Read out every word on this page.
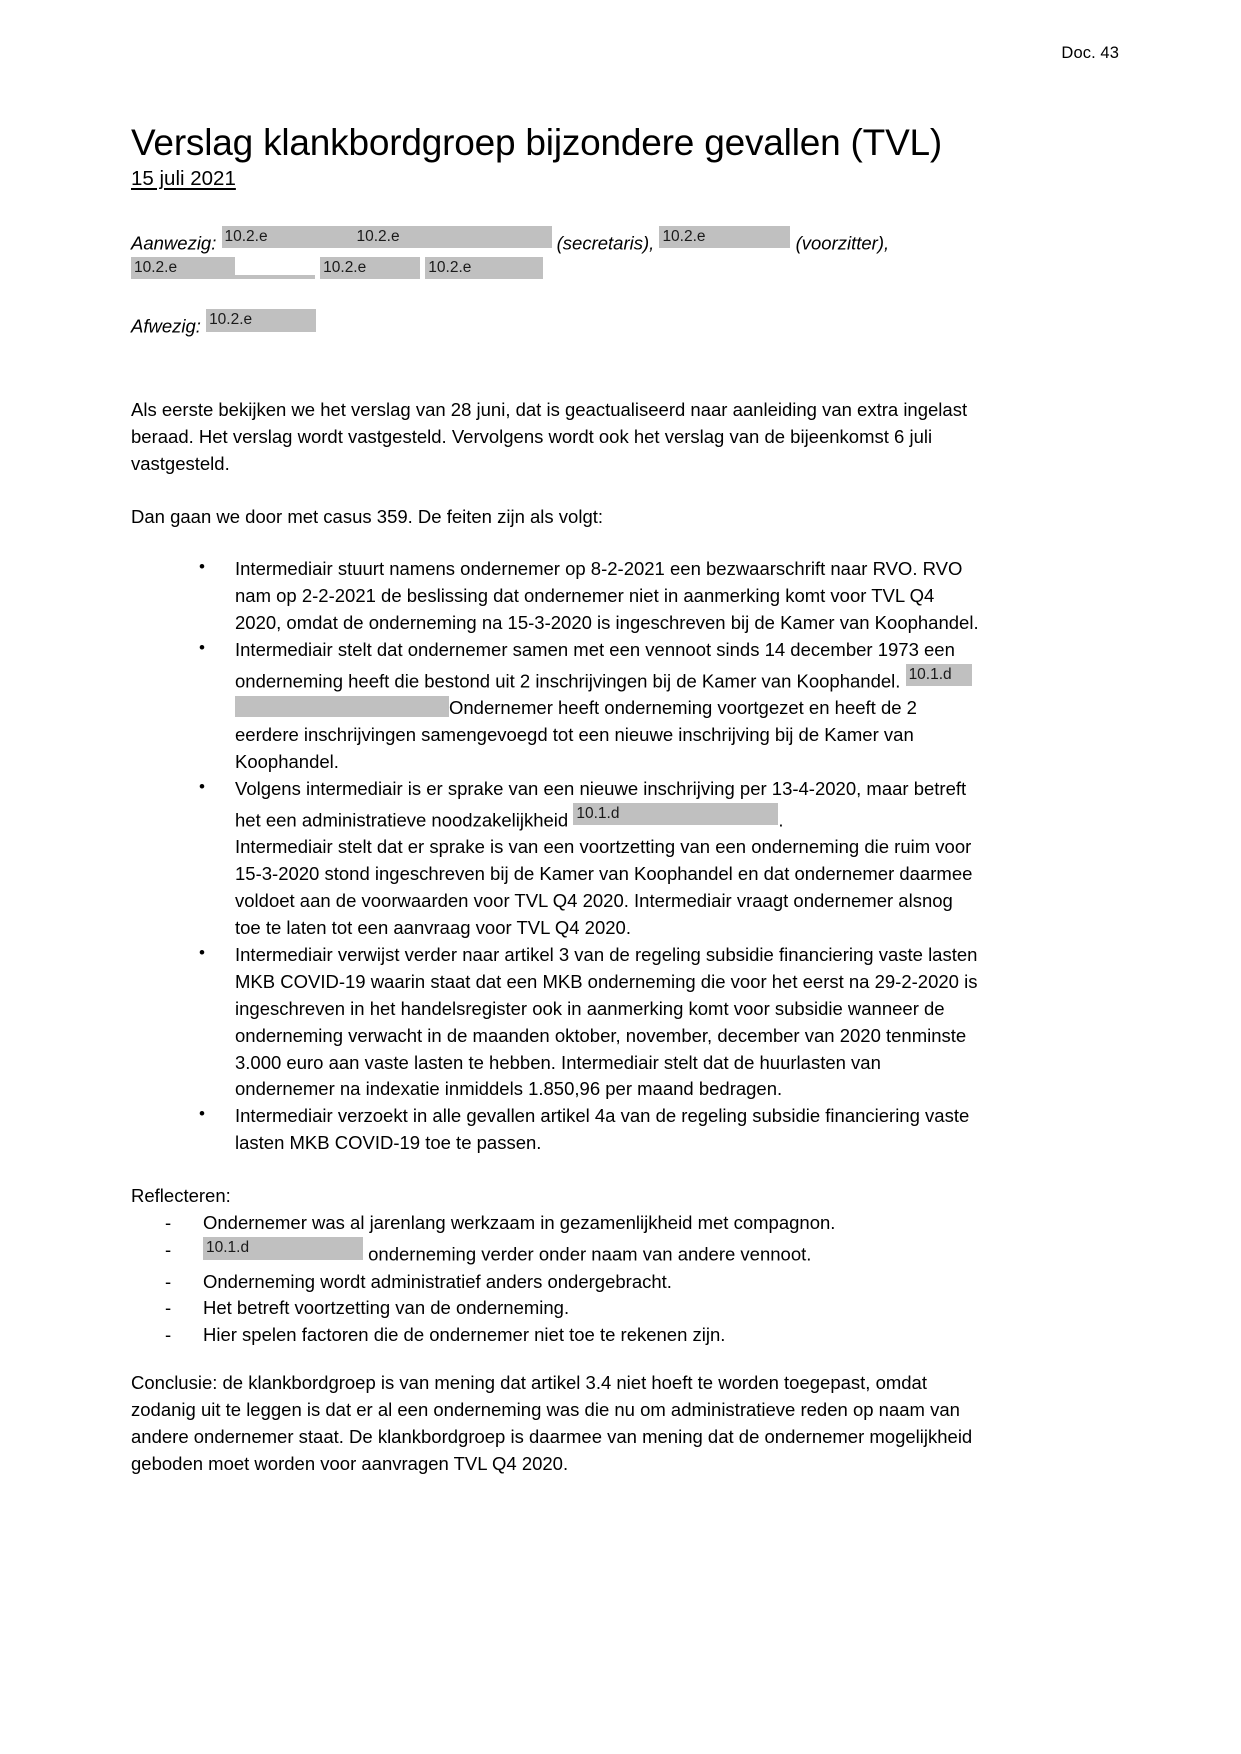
Doc. 43
Verslag klankbordgroep bijzondere gevallen (TVL)
15 juli 2021
Aanwezig: 10.2.e	10.2.e	(secretaris), 10.2.e	(voorzitter), 10.2.e	10.2.e	10.2.e
Afwezig: 10.2.e

Als eerste bekijken we het verslag van 28 juni, dat is geactualiseerd naar aanleiding van extra ingelast beraad. Het verslag wordt vastgesteld. Vervolgens wordt ook het verslag van de bijeenkomst 6 juli vastgesteld.

Dan gaan we door met casus 359. De feiten zijn als volgt:

• Intermediair stuurt namens ondernemer op 8-2-2021 een bezwaarschrift naar RVO. RVO nam op 2-2-2021 de beslissing dat ondernemer niet in aanmerking komt voor TVL Q4 2020, omdat de onderneming na 15-3-2020 is ingeschreven bij de Kamer van Koophandel.
• Intermediair stelt dat ondernemer samen met een vennoot sinds 14 december 1973 een onderneming heeft die bestond uit 2 inschrijvingen bij de Kamer van Koophandel. 10.1.dOndernemer heeft onderneming voortgezet en heeft de 2 eerdere inschrijvingen samengevoegd tot een nieuwe inschrijving bij de Kamer van Koophandel.
• Volgens intermediair is er sprake van een nieuwe inschrijving per 13-4-2020, maar betreft het een administratieve noodzakelijkheid 10.1.d	.
Intermediair stelt dat er sprake is van een voortzetting van een onderneming die ruim voor 15-3-2020 stond ingeschreven bij de Kamer van Koophandel en dat ondernemer daarmee voldoet aan de voorwaarden voor TVL Q4 2020. Intermediair vraagt ondernemer alsnog toe te laten tot een aanvraag voor TVL Q4 2020.
• Intermediair verwijst verder naar artikel 3 van de regeling subsidie financiering vaste lasten MKB COVID-19 waarin staat dat een MKB onderneming die voor het eerst na 29-2-2020 is ingeschreven in het handelsregister ook in aanmerking komt voor subsidie wanneer de onderneming verwacht in de maanden oktober, november, december van 2020 tenminste 3.000 euro aan vaste lasten te hebben. Intermediair stelt dat de huurlasten van ondernemer na indexatie inmiddels 1.850,96 per maand bedragen.
• Intermediair verzoekt in alle gevallen artikel 4a van de regeling subsidie financiering vaste lasten MKB COVID-19 toe te passen.
Reflecteren:
- Ondernemer was al jarenlang werkzaam in gezamenlijkheid met compagnon.
- 10.1.d	onderneming verder onder naam van andere vennoot.
- Onderneming wordt administratief anders ondergebracht.
- Het betreft voortzetting van de onderneming.
- Hier spelen factoren die de ondernemer niet toe te rekenen zijn.

Conclusie: de klankbordgroep is van mening dat artikel 3.4 niet hoeft te worden toegepast, omdat zodanig uit te leggen is dat er al een onderneming was die nu om administratieve reden op naam van andere ondernemer staat. De klankbordgroep is daarmee van mening dat de ondernemer mogelijkheid geboden moet worden voor aanvragen TVL Q4 2020.
